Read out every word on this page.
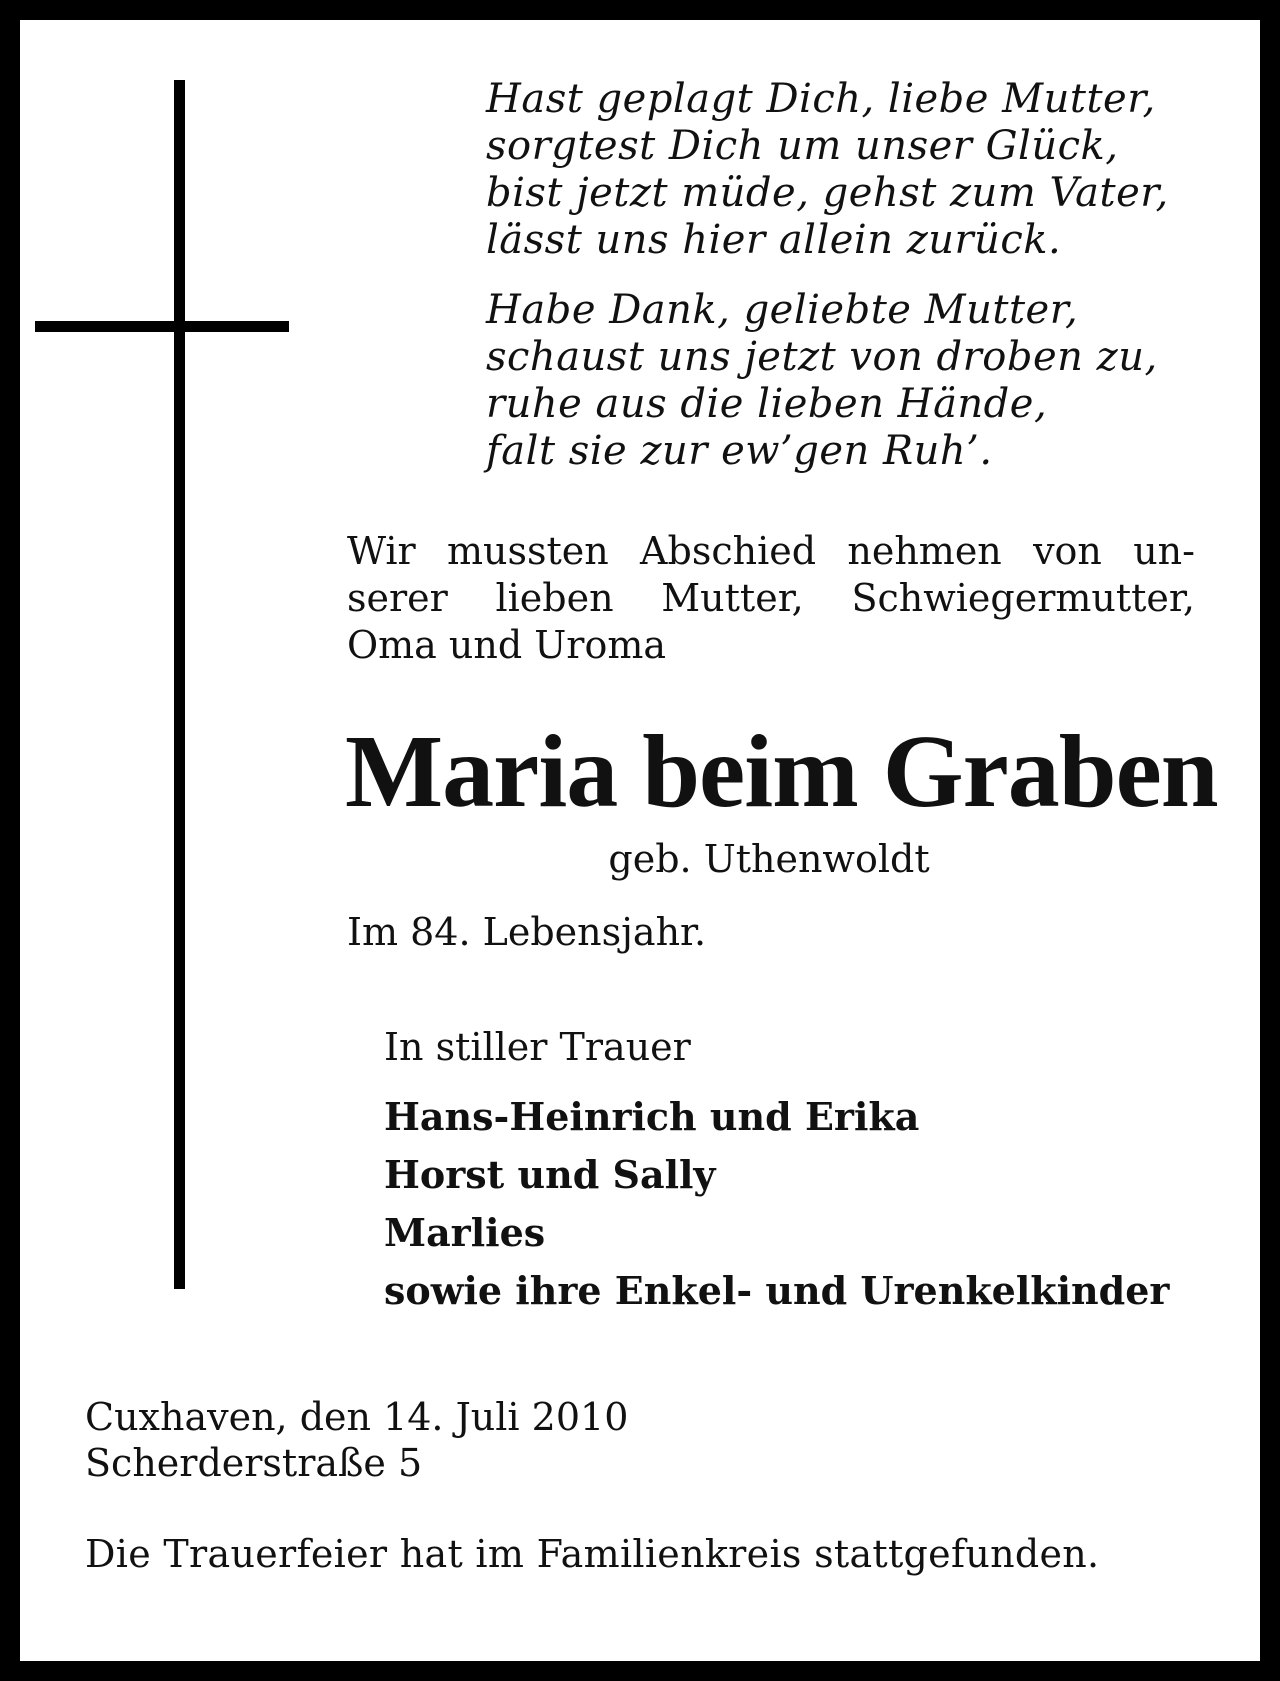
Hast geplagt Dich, liebe Mutter,
sorgtest Dich um unser Glück,
bist jetzt müde, gehst zum Vater,
lässt uns hier allein zurück.
Habe Dank, geliebte Mutter,
schaust uns jetzt von droben zu,
ruhe aus die lieben Hände,
falt sie zur ew’gen Ruh’.
Wir mussten Abschied nehmen von un-
serer lieben Mutter, Schwiegermutter,
Oma und Uroma
Maria beim Graben
geb. Uthenwoldt
Im 84. Lebensjahr.
In stiller Trauer
Hans-Heinrich und Erika
Horst und Sally
Marlies
sowie ihre Enkel- und Urenkelkinder
Cuxhaven, den 14. Juli 2010
Scherderstraße 5
Die Trauerfeier hat im Familienkreis stattgefunden.
